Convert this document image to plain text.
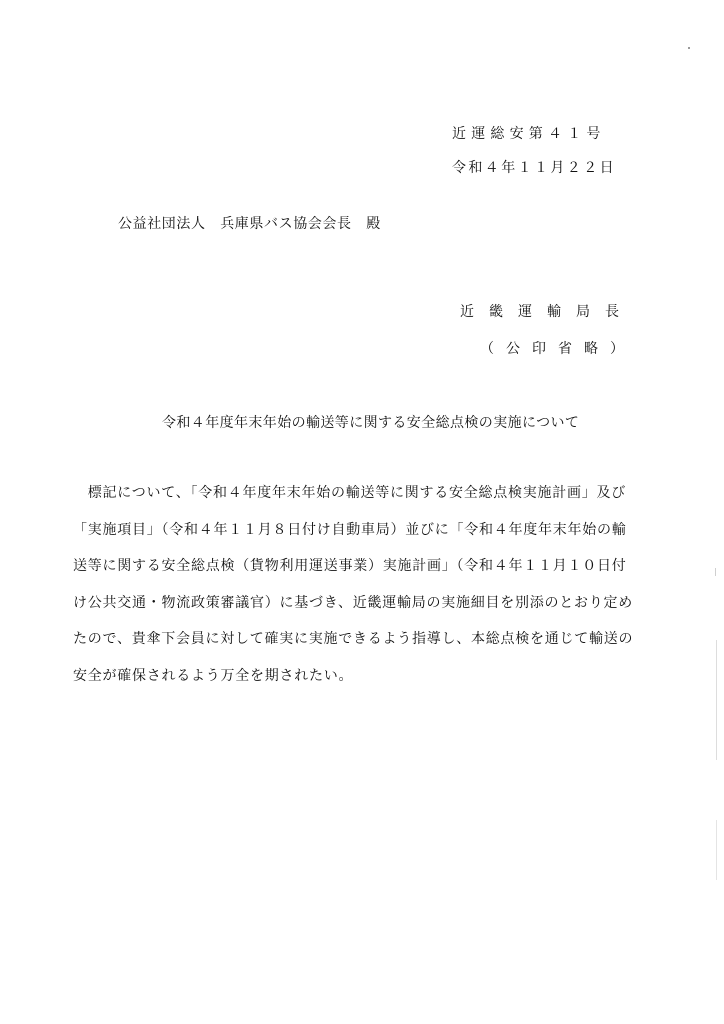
近運総安第４１号
令和４年１１月２２日
公益社団法人　兵庫県バス協会会長　殿
近畿運輸局長
（公印省略）
令和４年度年末年始の輸送等に関する安全総点検の実施について
　標記について、「令和４年度年末年始の輸送等に関する安全総点検実施計画」及び
「実施項目」（令和４年１１月８日付け自動車局）並びに「令和４年度年末年始の輸
送等に関する安全総点検（貨物利用運送事業）実施計画」（令和４年１１月１０日付
け公共交通・物流政策審議官）に基づき、近畿運輸局の実施細目を別添のとおり定め
たので、貴傘下会員に対して確実に実施できるよう指導し、本総点検を通じて輸送の
安全が確保されるよう万全を期されたい。
